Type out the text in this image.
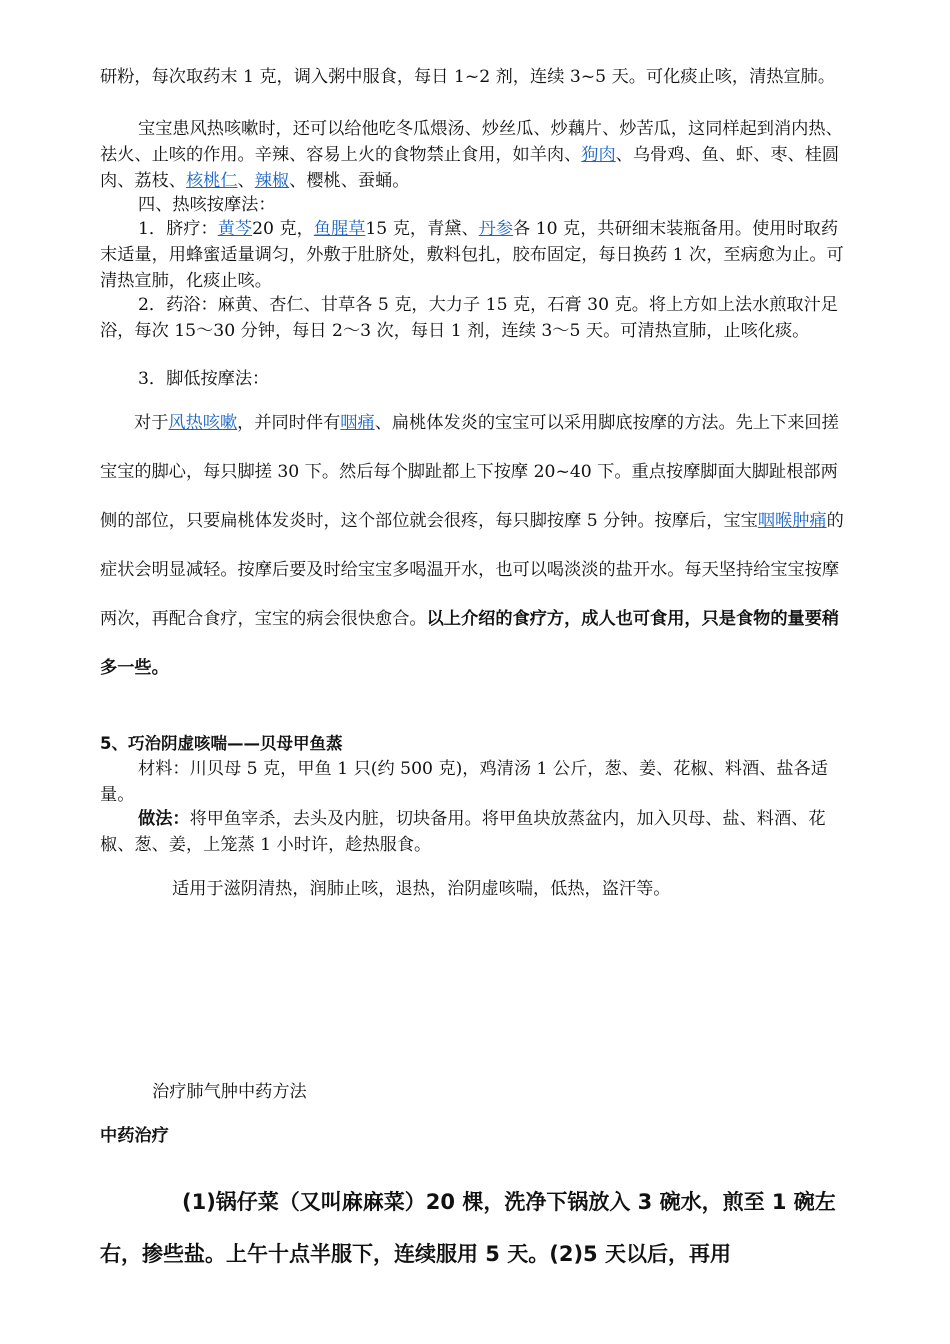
研粉，每次取药末 1 克，调入粥中服食，每日 1~2 剂，连续 3~5 天。可化痰止咳，清热宣肺。
宝宝患风热咳嗽时，还可以给他吃冬瓜煨汤、炒丝瓜、炒藕片、炒苦瓜，这同样起到消内热、祛火、止咳的作用。辛辣、容易上火的食物禁止食用，如羊肉、狗肉、乌骨鸡、鱼、虾、枣、桂圆肉、荔枝、核桃仁、辣椒、樱桃、蚕蛹。
四、热咳按摩法：
1．脐疗：黄芩20 克，鱼腥草15 克，青黛、丹参各 10 克，共研细末装瓶备用。使用时取药末适量，用蜂蜜适量调匀，外敷于肚脐处，敷料包扎，胶布固定，每日换药 1 次，至病愈为止。可清热宣肺，化痰止咳。
2．药浴：麻黄、杏仁、甘草各 5 克，大力子 15 克，石膏 30 克。将上方如上法水煎取汁足浴，每次 15～30 分钟，每日 2～3 次，每日 1 剂，连续 3～5 天。可清热宣肺，止咳化痰。
3．脚低按摩法：
对于风热咳嗽，并同时伴有咽痛、扁桃体发炎的宝宝可以采用脚底按摩的方法。先上下来回搓宝宝的脚心，每只脚搓 30 下。然后每个脚趾都上下按摩 20~40 下。重点按摩脚面大脚趾根部两侧的部位，只要扁桃体发炎时，这个部位就会很疼，每只脚按摩 5 分钟。按摩后，宝宝咽喉肿痛的症状会明显减轻。按摩后要及时给宝宝多喝温开水，也可以喝淡淡的盐开水。每天坚持给宝宝按摩两次，再配合食疗，宝宝的病会很快愈合。以上介绍的食疗方，成人也可食用，只是食物的量要稍多一些。
5、巧治阴虚咳喘——贝母甲鱼蒸
材料：川贝母 5 克，甲鱼 1 只(约 500 克)，鸡清汤 1 公斤，葱、姜、花椒、料酒、盐各适量。
做法：将甲鱼宰杀，去头及内脏，切块备用。将甲鱼块放蒸盆内，加入贝母、盐、料酒、花椒、葱、姜，上笼蒸 1 小时许，趁热服食。
适用于滋阴清热，润肺止咳，退热，治阴虚咳喘，低热，盗汗等。
治疗肺气肿中药方法
中药治疗
(1)锅仔菜（又叫麻麻菜）20 棵，洗净下锅放入 3 碗水，煎至 1 碗左右，掺些盐。上午十点半服下，连续服用 5 天。(2)5 天以后，再用
